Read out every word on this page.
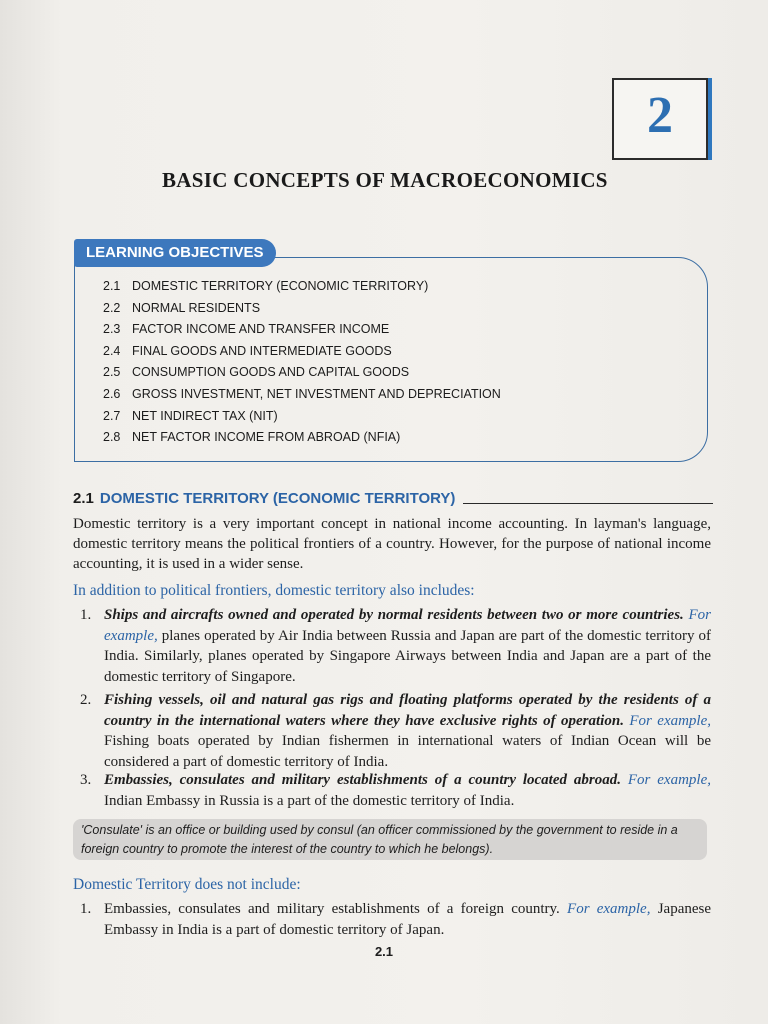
2
BASIC CONCEPTS OF MACROECONOMICS
LEARNING OBJECTIVES
2.1 DOMESTIC TERRITORY (ECONOMIC TERRITORY)
2.2 NORMAL RESIDENTS
2.3 FACTOR INCOME AND TRANSFER INCOME
2.4 FINAL GOODS AND INTERMEDIATE GOODS
2.5 CONSUMPTION GOODS AND CAPITAL GOODS
2.6 GROSS INVESTMENT, NET INVESTMENT AND DEPRECIATION
2.7 NET INDIRECT TAX (NIT)
2.8 NET FACTOR INCOME FROM ABROAD (NFIA)
2.1 DOMESTIC TERRITORY (ECONOMIC TERRITORY)
Domestic territory is a very important concept in national income accounting. In layman's language, domestic territory means the political frontiers of a country. However, for the purpose of national income accounting, it is used in a wider sense.
In addition to political frontiers, domestic territory also includes:
1. Ships and aircrafts owned and operated by normal residents between two or more countries. For example, planes operated by Air India between Russia and Japan are part of the domestic territory of India. Similarly, planes operated by Singapore Airways between India and Japan are a part of the domestic territory of Singapore.
2. Fishing vessels, oil and natural gas rigs and floating platforms operated by the residents of a country in the international waters where they have exclusive rights of operation. For example, Fishing boats operated by Indian fishermen in international waters of Indian Ocean will be considered a part of domestic territory of India.
3. Embassies, consulates and military establishments of a country located abroad. For example, Indian Embassy in Russia is a part of the domestic territory of India.
'Consulate' is an office or building used by consul (an officer commissioned by the government to reside in a foreign country to promote the interest of the country to which he belongs).
Domestic Territory does not include:
1. Embassies, consulates and military establishments of a foreign country. For example, Japanese Embassy in India is a part of domestic territory of Japan.
2.1
